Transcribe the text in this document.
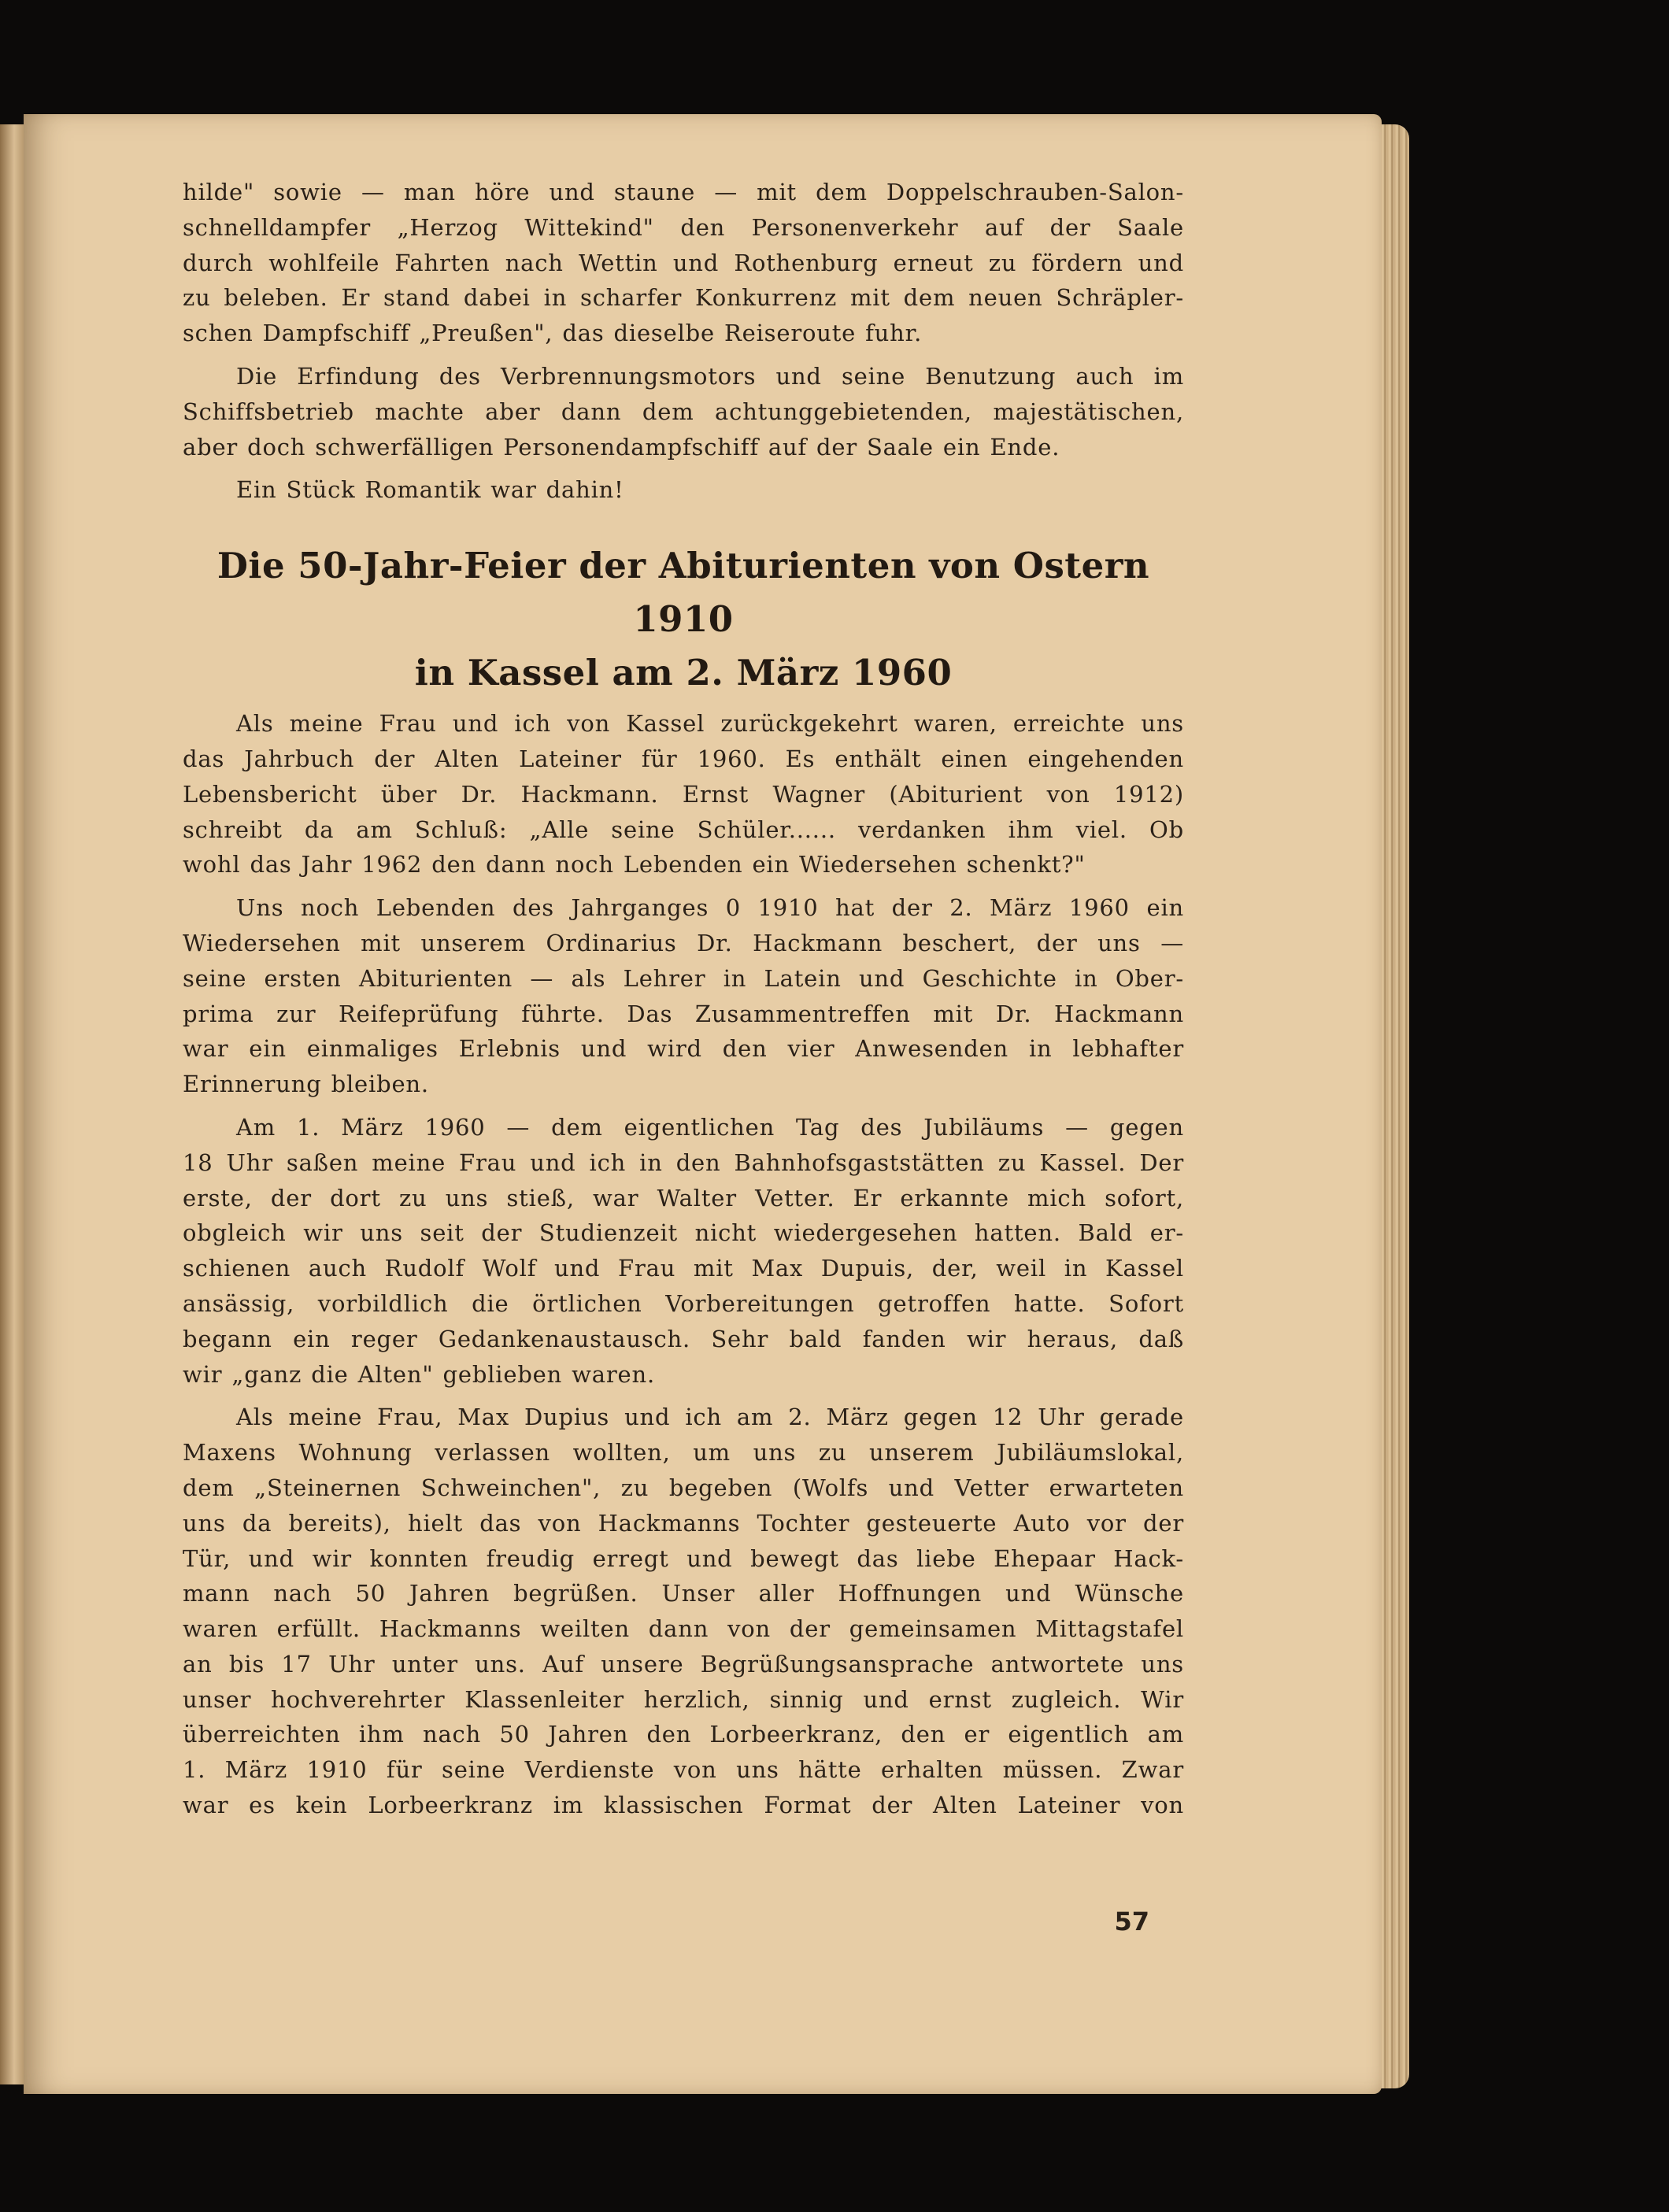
hilde" sowie — man höre und staune — mit dem Doppelschrauben-Salon-

schnelldampfer „Herzog Wittekind" den Personenverkehr auf der Saale

durch wohlfeile Fahrten nach Wettin und Rothenburg erneut zu fördern und

zu beleben. Er stand dabei in scharfer Konkurrenz mit dem neuen Schräpler-

schen Dampfschiff „Preußen", das dieselbe Reiseroute fuhr.

Die Erfindung des Verbrennungsmotors und seine Benutzung auch im

Schiffsbetrieb machte aber dann dem achtunggebietenden, majestätischen,

aber doch schwerfälligen Personendampfschiff auf der Saale ein Ende.

Ein Stück Romantik war dahin!

Die 50-Jahr-Feier der Abiturienten von Ostern 1910
in Kassel am 2. März 1960

Als meine Frau und ich von Kassel zurückgekehrt waren, erreichte uns

das Jahrbuch der Alten Lateiner für 1960. Es enthält einen eingehenden

Lebensbericht über Dr. Hackmann. Ernst Wagner (Abiturient von 1912)

schreibt da am Schluß: „Alle seine Schüler...... verdanken ihm viel. Ob

wohl das Jahr 1962 den dann noch Lebenden ein Wiedersehen schenkt?"

Uns noch Lebenden des Jahrganges 0 1910 hat der 2. März 1960 ein

Wiedersehen mit unserem Ordinarius Dr. Hackmann beschert, der uns —

seine ersten Abiturienten — als Lehrer in Latein und Geschichte in Ober-

prima zur Reifeprüfung führte. Das Zusammentreffen mit Dr. Hackmann

war ein einmaliges Erlebnis und wird den vier Anwesenden in lebhafter

Erinnerung bleiben.

Am 1. März 1960 — dem eigentlichen Tag des Jubiläums — gegen

18 Uhr saßen meine Frau und ich in den Bahnhofsgaststätten zu Kassel. Der

erste, der dort zu uns stieß, war Walter Vetter. Er erkannte mich sofort,

obgleich wir uns seit der Studienzeit nicht wiedergesehen hatten. Bald er-

schienen auch Rudolf Wolf und Frau mit Max Dupuis, der, weil in Kassel

ansässig, vorbildlich die örtlichen Vorbereitungen getroffen hatte. Sofort

begann ein reger Gedankenaustausch. Sehr bald fanden wir heraus, daß

wir „ganz die Alten" geblieben waren.

Als meine Frau, Max Dupius und ich am 2. März gegen 12 Uhr gerade

Maxens Wohnung verlassen wollten, um uns zu unserem Jubiläumslokal,

dem „Steinernen Schweinchen", zu begeben (Wolfs und Vetter erwarteten

uns da bereits), hielt das von Hackmanns Tochter gesteuerte Auto vor der

Tür, und wir konnten freudig erregt und bewegt das liebe Ehepaar Hack-

mann nach 50 Jahren begrüßen. Unser aller Hoffnungen und Wünsche

waren erfüllt. Hackmanns weilten dann von der gemeinsamen Mittagstafel

an bis 17 Uhr unter uns. Auf unsere Begrüßungsansprache antwortete uns

unser hochverehrter Klassenleiter herzlich, sinnig und ernst zugleich. Wir

überreichten ihm nach 50 Jahren den Lorbeerkranz, den er eigentlich am

1. März 1910 für seine Verdienste von uns hätte erhalten müssen. Zwar

war es kein Lorbeerkranz im klassischen Format der Alten Lateiner von

57
